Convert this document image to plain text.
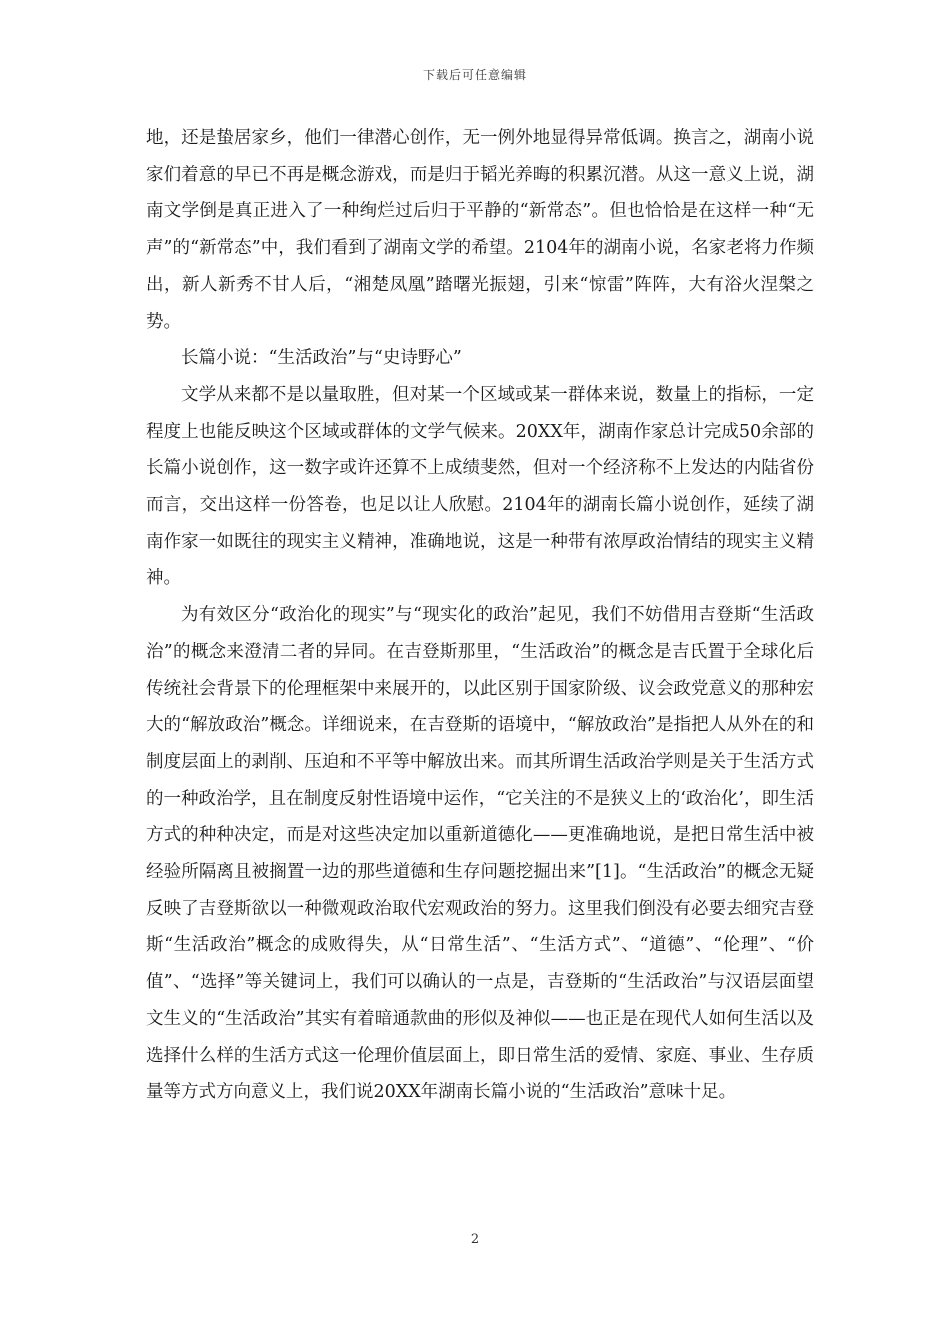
下载后可任意编辑

地，还是蛰居家乡，他们一律潜心创作，无一例外地显得异常低调。换言之，湖南小说家们着意的早已不再是概念游戏，而是归于韬光养晦的积累沉潜。从这一意义上说，湖南文学倒是真正进入了一种绚烂过后归于平静的“新常态”。但也恰恰是在这样一种“无声”的“新常态”中，我们看到了湖南文学的希望。2104年的湖南小说，名家老将力作频出，新人新秀不甘人后，“湘楚凤凰”踏曙光振翅，引来“惊雷”阵阵，大有浴火涅槃之势。

长篇小说：“生活政治”与“史诗野心”

文学从来都不是以量取胜，但对某一个区域或某一群体来说，数量上的指标，一定程度上也能反映这个区域或群体的文学气候来。20XX年，湖南作家总计完成50余部的长篇小说创作，这一数字或许还算不上成绩斐然，但对一个经济称不上发达的内陆省份而言，交出这样一份答卷，也足以让人欣慰。2104年的湖南长篇小说创作，延续了湖南作家一如既往的现实主义精神，准确地说，这是一种带有浓厚政治情结的现实主义精神。

为有效区分“政治化的现实”与“现实化的政治”起见，我们不妨借用吉登斯“生活政治”的概念来澄清二者的异同。在吉登斯那里，“生活政治”的概念是吉氏置于全球化后传统社会背景下的伦理框架中来展开的，以此区别于国家阶级、议会政党意义的那种宏大的“解放政治”概念。详细说来，在吉登斯的语境中，“解放政治”是指把人从外在的和制度层面上的剥削、压迫和不平等中解放出来。而其所谓生活政治学则是关于生活方式的一种政治学，且在制度反射性语境中运作，“它关注的不是狭义上的‘政治化’，即生活方式的种种决定，而是对这些决定加以重新道德化——更准确地说，是把日常生活中被经验所隔离且被搁置一边的那些道德和生存问题挖掘出来”[1]。“生活政治”的概念无疑反映了吉登斯欲以一种微观政治取代宏观政治的努力。这里我们倒没有必要去细究吉登斯“生活政治”概念的成败得失，从“日常生活”、“生活方式”、“道德”、“伦理”、“价值”、“选择”等关键词上，我们可以确认的一点是，吉登斯的“生活政治”与汉语层面望文生义的“生活政治”其实有着暗通款曲的形似及神似——也正是在现代人如何生活以及选择什么样的生活方式这一伦理价值层面上，即日常生活的爱情、家庭、事业、生存质量等方式方向意义上，我们说20XX年湖南长篇小说的“生活政治”意味十足。

2
